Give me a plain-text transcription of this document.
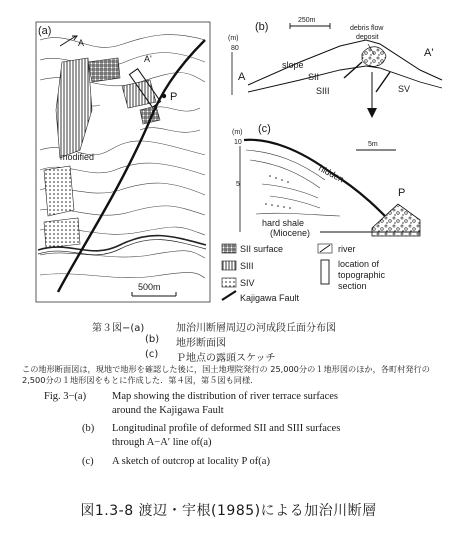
(a)
A
A'
P
modified
500m
(b)
(m)
80
250m
debris flow
deposit
slope
A
A'
SII
SIII	SV
(c)
(m)
10
5
5m
hidden
P
hard shale
(Miocene)
SII surface
SIII
SIV
Kajigawa Fault
river
location of
topographic
section
第３図−(a)	加治川断層周辺の河成段丘面分布図
(b) 地形断面図
(c) Ｐ地点の露頭スケッチ
この地形断面図は，現地で地形を確認した後に，国土地理院発行の 25,000分の１地形図のほか，各町村発行の 2,500分の１地形図をもとに作成した．第４図，第５図も同様．
Fig. 3−(a) Map showing the distribution of river terrace surfaces
around the Kajigawa Fault
(b) Longitudinal profile of deformed SII and SIII surfaces
through A−A′ line of(a)
(c) A sketch of outcrop at locality P of(a)
図1.3-8 渡辺・宇根(1985)による加治川断層
